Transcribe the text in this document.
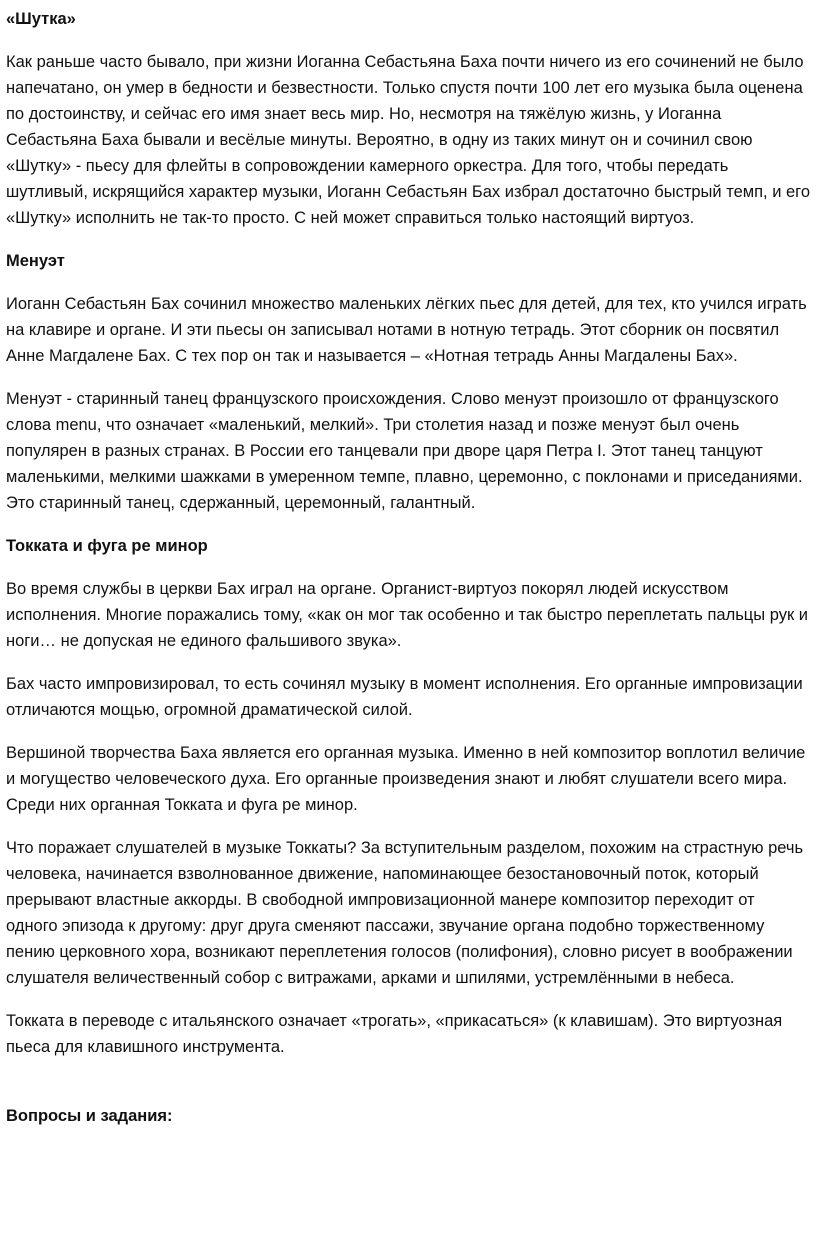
«Шутка»

Как раньше часто бывало, при жизни Иоганна Себастьяна Баха почти ничего из его сочинений не было напечатано, он умер в бедности и безвестности. Только спустя почти 100 лет его музыка была оценена по достоинству, и сейчас его имя знает весь мир. Но, несмотря на тяжёлую жизнь, у Иоганна Себастьяна Баха бывали и весёлые минуты. Вероятно, в одну из таких минут он и сочинил свою «Шутку» - пьесу для флейты в сопровождении камерного оркестра. Для того, чтобы передать шутливый, искрящийся характер музыки, Иоганн Себастьян Бах избрал достаточно быстрый темп, и его «Шутку» исполнить не так-то просто. С ней может справиться только настоящий виртуоз.

Менуэт

Иоганн Себастьян Бах сочинил множество маленьких лёгких пьес для детей, для тех, кто учился играть на клавире и органе. И эти пьесы он записывал нотами в нотную тетрадь. Этот сборник он посвятил Анне Магдалене Бах. С тех пор он так и называется – «Нотная тетрадь Анны Магдалены Бах».

Менуэт - старинный танец французского происхождения. Слово менуэт произошло от французского слова menu, что означает «маленький, мелкий». Три столетия назад и позже менуэт был очень популярен в разных странах. В России его танцевали при дворе царя Петра I. Этот танец танцуют маленькими, мелкими шажками в умеренном темпе, плавно, церемонно, с поклонами и приседаниями. Это старинный танец, сдержанный, церемонный, галантный.

Токката и фуга ре минор

Во время службы в церкви Бах играл на органе. Органист-виртуоз покорял людей искусством исполнения. Многие поражались тому, «как он мог так особенно и так быстро переплетать пальцы рук и ноги… не допуская не единого фальшивого звука».

Бах часто импровизировал, то есть сочинял музыку в момент исполнения. Его органные импровизации отличаются мощью, огромной драматической силой.

Вершиной творчества Баха является его органная музыка. Именно в ней композитор воплотил величие и могущество человеческого духа. Его органные произведения знают и любят слушатели всего мира. Среди них органная Токката и фуга ре минор.

Что поражает слушателей в музыке Токкаты? За вступительным разделом, похожим на страстную речь человека, начинается взволнованное движение, напоминающее безостановочный поток, который прерывают властные аккорды. В свободной импровизационной манере композитор переходит от одного эпизода к другому: друг друга сменяют пассажи, звучание органа подобно торжественному пению церковного хора, возникают переплетения голосов (полифония), словно рисует в воображении слушателя величественный собор с витражами, арками и шпилями, устремлёнными в небеса.

Токката в переводе с итальянского означает «трогать», «прикасаться» (к клавишам). Это виртуозная пьеса для клавишного инструмента.

Вопросы и задания:
